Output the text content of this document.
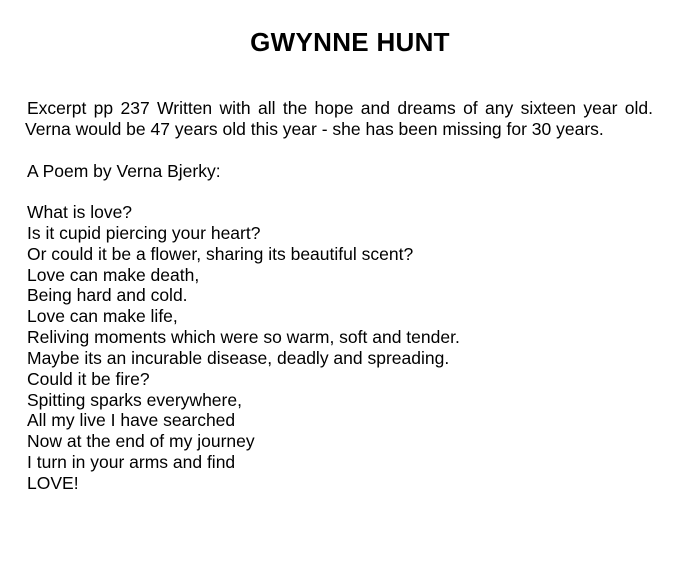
GWYNNE HUNT
Excerpt pp 237 Written with all the hope and dreams of any sixteen year old.
Verna would be 47 years old this year - she has been missing for 30 years.
A Poem by Verna Bjerky:
What is love?
Is it cupid piercing your heart?
Or could it be a flower, sharing its beautiful scent?
Love can make death,
Being hard and cold.
Love can make life,
Reliving moments which were so warm, soft and tender.
Maybe its an incurable disease, deadly and spreading.
Could it be fire?
Spitting sparks everywhere,
All my live I have searched
Now at the end of my journey
I turn in your arms and find
LOVE!
